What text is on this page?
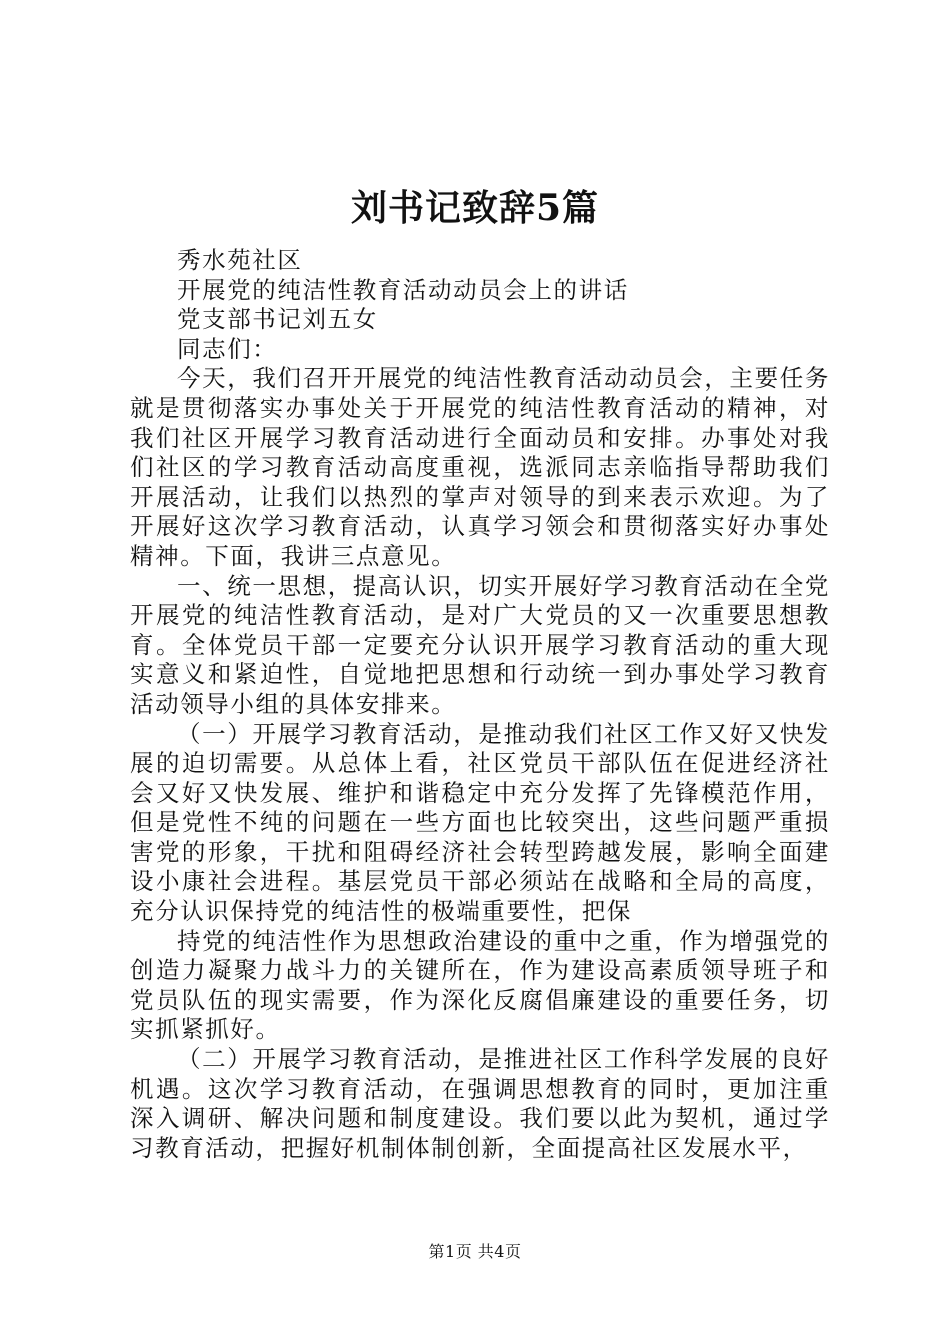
刘书记致辞5篇

秀水苑社区

开展党的纯洁性教育活动动员会上的讲话

党支部书记刘五女

同志们：

今天，我们召开开展党的纯洁性教育活动动员会，主要任务就是贯彻落实办事处关于开展党的纯洁性教育活动的精神，对我们社区开展学习教育活动进行全面动员和安排。办事处对我们社区的学习教育活动高度重视，选派同志亲临指导帮助我们开展活动，让我们以热烈的掌声对领导的到来表示欢迎。为了开展好这次学习教育活动，认真学习领会和贯彻落实好办事处精神。下面，我讲三点意见。

一、统一思想，提高认识，切实开展好学习教育活动在全党开展党的纯洁性教育活动，是对广大党员的又一次重要思想教育。全体党员干部一定要充分认识开展学习教育活动的重大现实意义和紧迫性，自觉地把思想和行动统一到办事处学习教育活动领导小组的具体安排来。

（一）开展学习教育活动，是推动我们社区工作又好又快发展的迫切需要。从总体上看，社区党员干部队伍在促进经济社会又好又快发展、维护和谐稳定中充分发挥了先锋模范作用，但是党性不纯的问题在一些方面也比较突出，这些问题严重损害党的形象，干扰和阻碍经济社会转型跨越发展，影响全面建设小康社会进程。基层党员干部必须站在战略和全局的高度，充分认识保持党的纯洁性的极端重要性，把保

持党的纯洁性作为思想政治建设的重中之重，作为增强党的创造力凝聚力战斗力的关键所在，作为建设高素质领导班子和党员队伍的现实需要，作为深化反腐倡廉建设的重要任务，切实抓紧抓好。

（二）开展学习教育活动，是推进社区工作科学发展的良好机遇。这次学习教育活动，在强调思想教育的同时，更加注重深入调研、解决问题和制度建设。我们要以此为契机，通过学习教育活动，把握好机制体制创新，全面提高社区发展水平，

第1页 共4页
